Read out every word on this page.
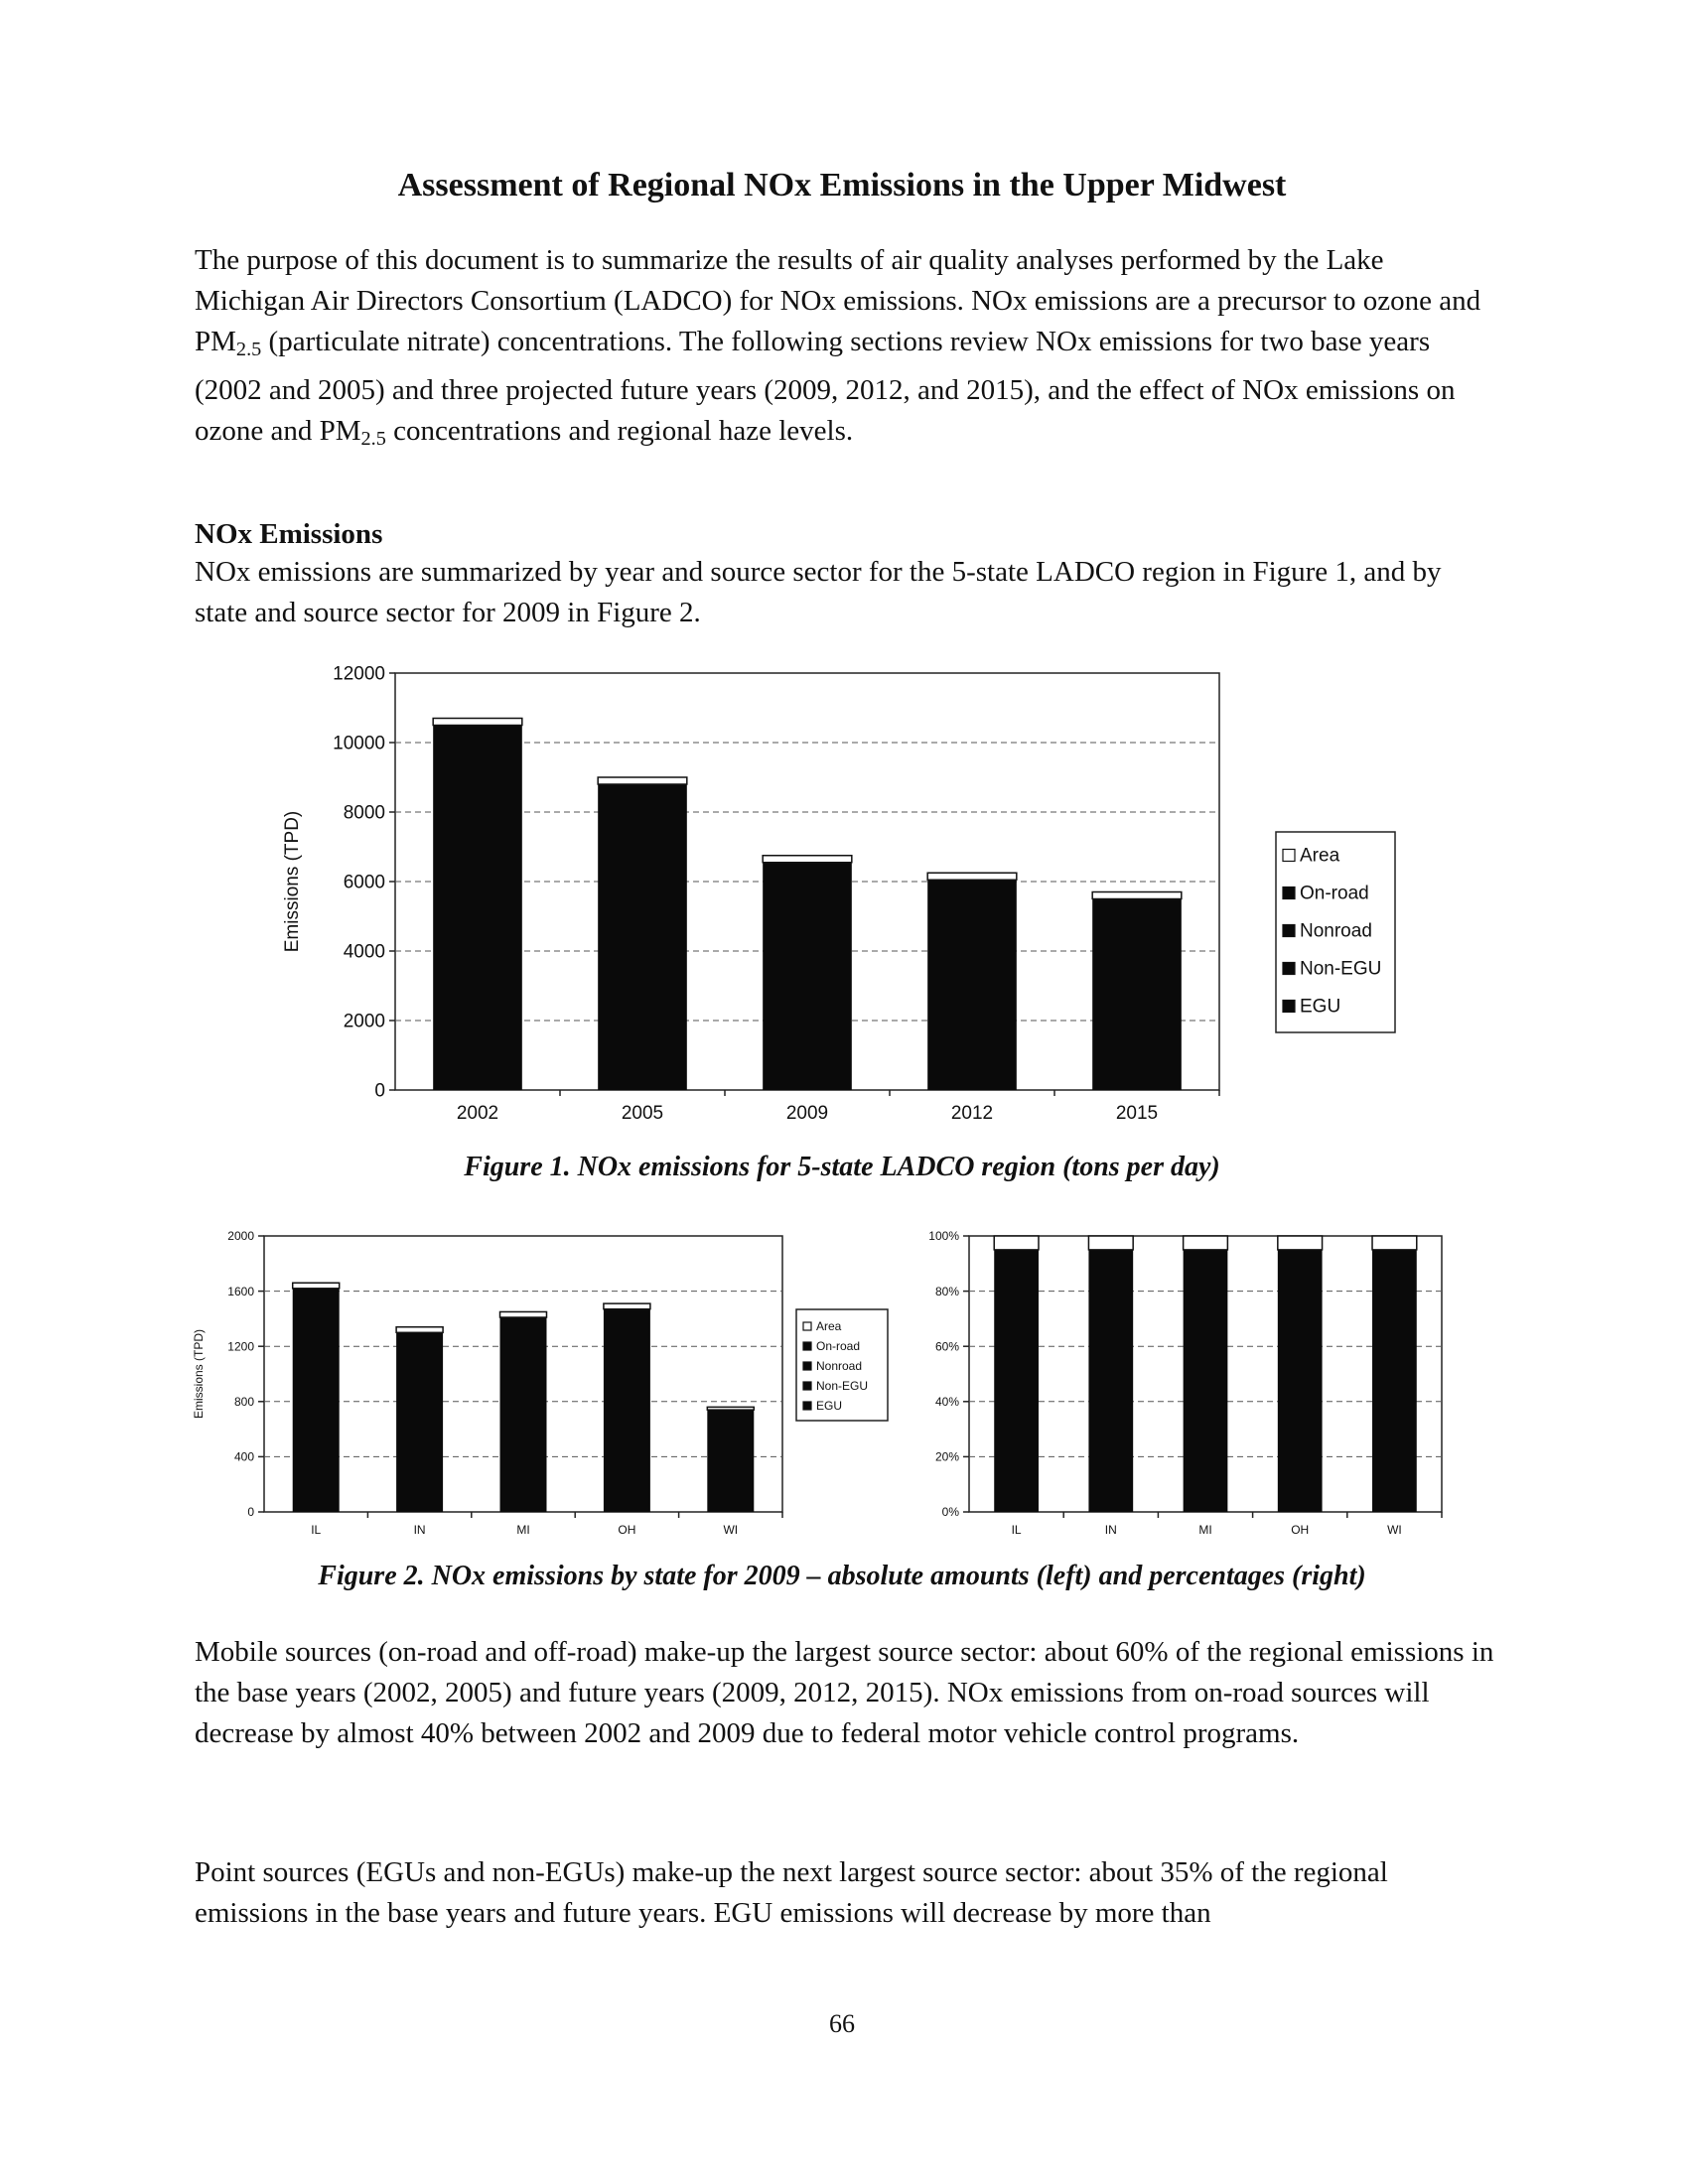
Assessment of Regional NOx Emissions in the Upper Midwest

The purpose of this document is to summarize the results of air quality analyses performed by the Lake Michigan Air Directors Consortium (LADCO) for NOx emissions. NOx emissions are a precursor to ozone and $PM_{2.5}$ (particulate nitrate) concentrations. The following sections review NOx emissions for two base years (2002 and 2005) and three projected future years (2009, 2012, and 2015), and the effect of NOx emissions on ozone and $PM_{2.5}$ concentrations and regional haze levels.

NOx Emissions
NOx emissions are summarized by year and source sector for the 5-state LADCO region in Figure 1, and by state and source sector for 2009 in Figure 2.
0
2000
4000
6000
8000
10000
12000
2002	2005	2009	2012	2015
Emissions (TPD)	Area
On-road
Nonroad
Non-EGU
EGU
Figure 1. NOx emissions for 5-state LADCO region (tons per day)
0
400
800
1200
1600
2000
IL	IN	MI	OH	WI
Emissions (TPD)
Area
On-road
Nonroad
Non-EGU
EGU
0%
20%
40%
60%
80%
100%
IL	IN	MI	OH	WI
Figure 2. NOx emissions by state for 2009 – absolute amounts (left) and percentages (right)
Mobile sources (on-road and off-road) make-up the largest source sector: about 60% of the regional emissions in the base years (2002, 2005) and future years (2009, 2012, 2015). NOx emissions from on-road sources will decrease by almost 40% between 2002 and 2009 due to federal motor vehicle control programs.
Point sources (EGUs and non-EGUs) make-up the next largest source sector: about 35% of the regional emissions in the base years and future years. EGU emissions will decrease by more than
66
